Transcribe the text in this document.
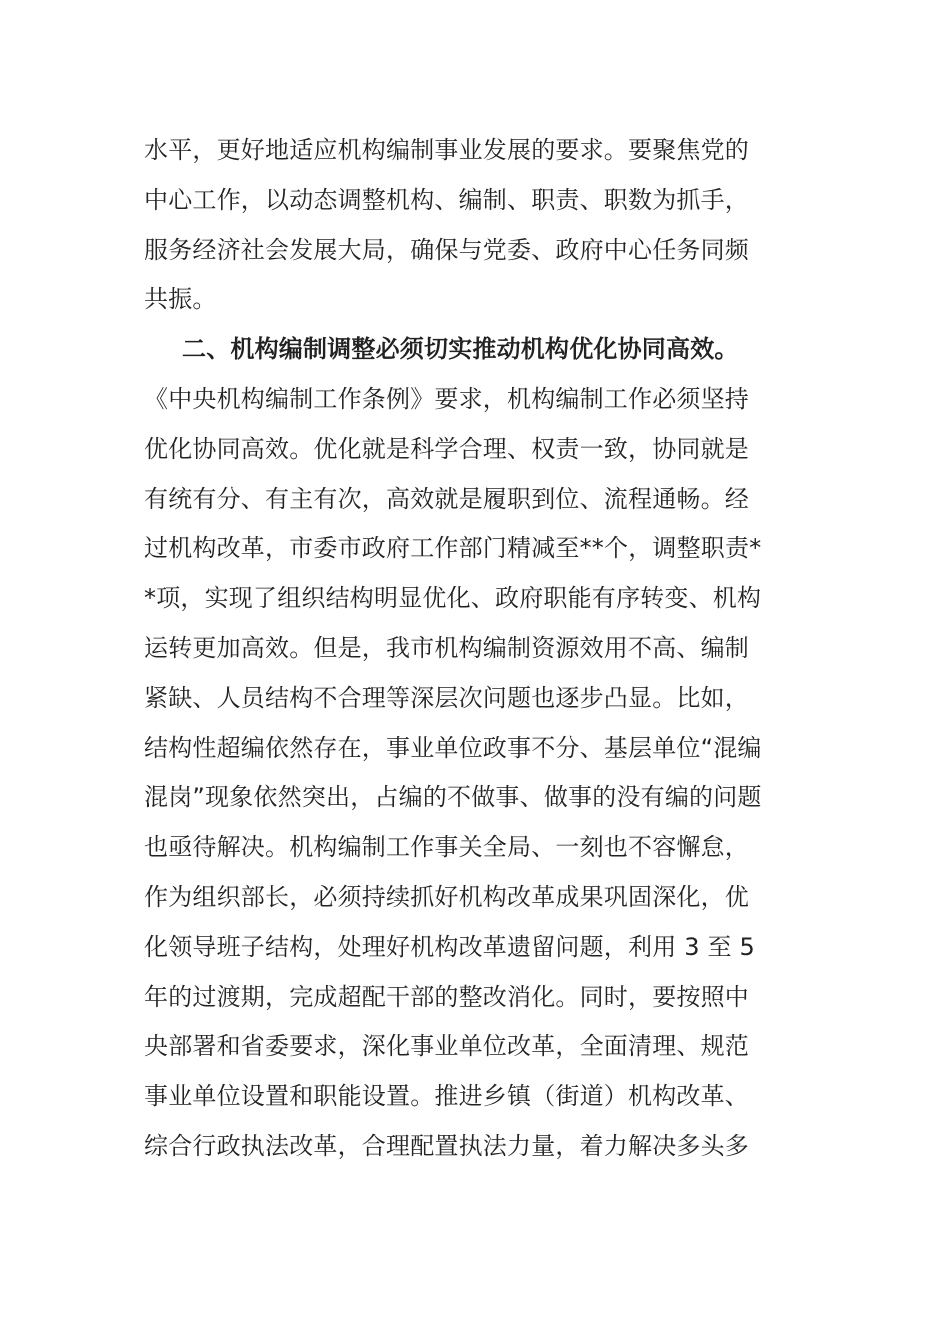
水平，更好地适应机构编制事业发展的要求。要聚焦党的
中心工作，以动态调整机构、编制、职责、职数为抓手，
服务经济社会发展大局，确保与党委、政府中心任务同频
共振。
二、机构编制调整必须切实推动机构优化协同高效。
《中央机构编制工作条例》要求，机构编制工作必须坚持
优化协同高效。优化就是科学合理、权责一致，协同就是
有统有分、有主有次，高效就是履职到位、流程通畅。经
过机构改革，市委市政府工作部门精减至**个，调整职责*
*项，实现了组织结构明显优化、政府职能有序转变、机构
运转更加高效。但是，我市机构编制资源效用不高、编制
紧缺、人员结构不合理等深层次问题也逐步凸显。比如，
结构性超编依然存在，事业单位政事不分、基层单位“混编
混岗”现象依然突出，占编的不做事、做事的没有编的问题
也亟待解决。机构编制工作事关全局、一刻也不容懈怠，
作为组织部长，必须持续抓好机构改革成果巩固深化，优
化领导班子结构，处理好机构改革遗留问题，利用 3 至 5
年的过渡期，完成超配干部的整改消化。同时，要按照中
央部署和省委要求，深化事业单位改革，全面清理、规范
事业单位设置和职能设置。推进乡镇（街道）机构改革、
综合行政执法改革，合理配置执法力量，着力解决多头多
